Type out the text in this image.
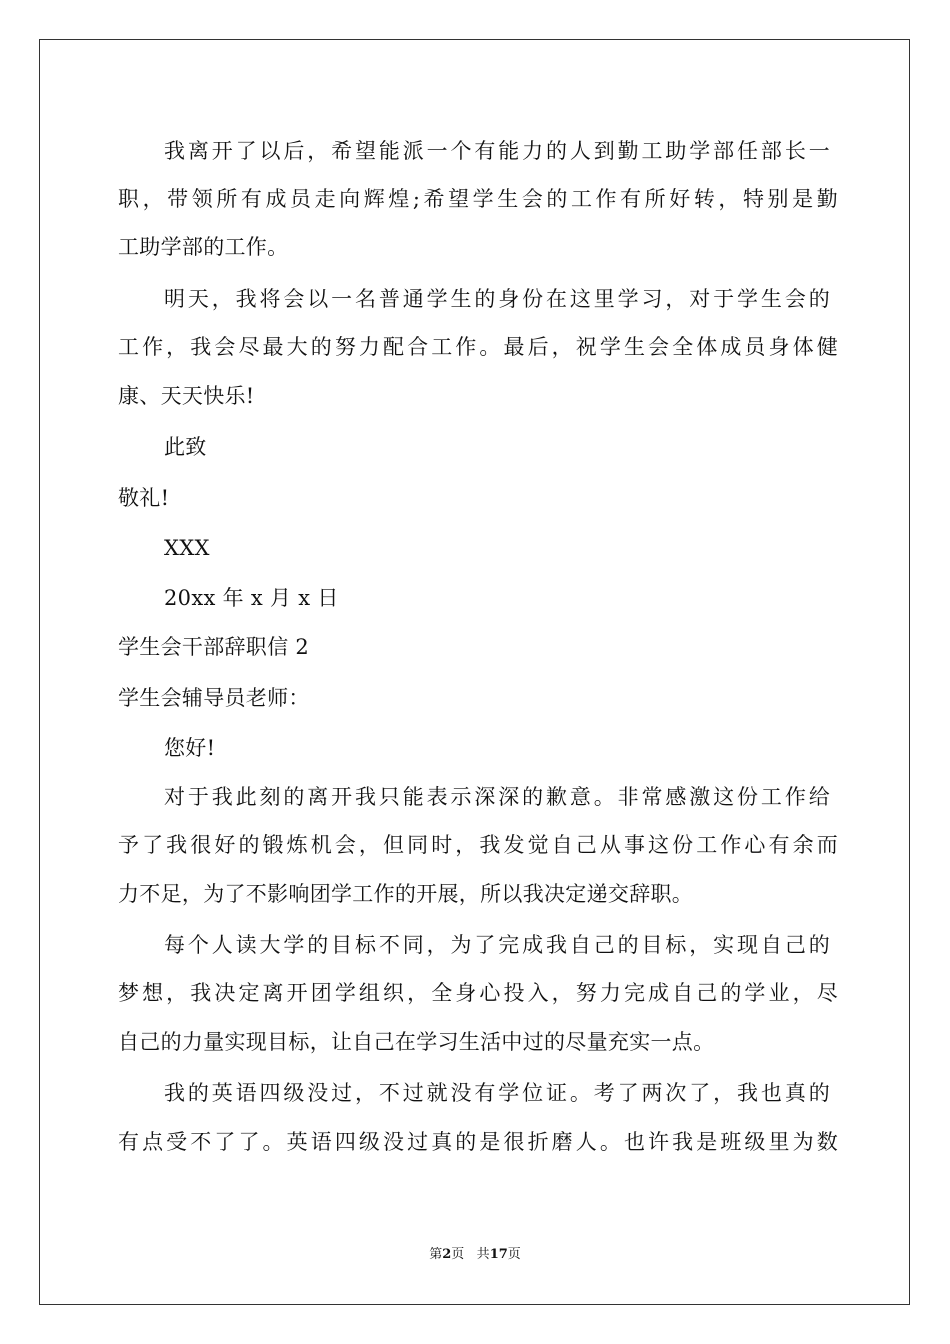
我离开了以后，希望能派一个有能力的人到勤工助学部任部长一
职，带领所有成员走向辉煌;希望学生会的工作有所好转，特别是勤
工助学部的工作。
明天，我将会以一名普通学生的身份在这里学习，对于学生会的
工作，我会尽最大的努力配合工作。最后，祝学生会全体成员身体健
康、天天快乐!
此致
敬礼!
XXX
20xx 年 x 月 x 日
学生会干部辞职信 2
学生会辅导员老师：
您好!
对于我此刻的离开我只能表示深深的歉意。非常感激这份工作给
予了我很好的锻炼机会，但同时，我发觉自己从事这份工作心有余而
力不足，为了不影响团学工作的开展，所以我决定递交辞职。
每个人读大学的目标不同，为了完成我自己的目标，实现自己的
梦想，我决定离开团学组织，全身心投入，努力完成自己的学业，尽
自己的力量实现目标，让自己在学习生活中过的尽量充实一点。
我的英语四级没过，不过就没有学位证。考了两次了，我也真的
有点受不了了。英语四级没过真的是很折磨人。也许我是班级里为数
第2页 共17页
